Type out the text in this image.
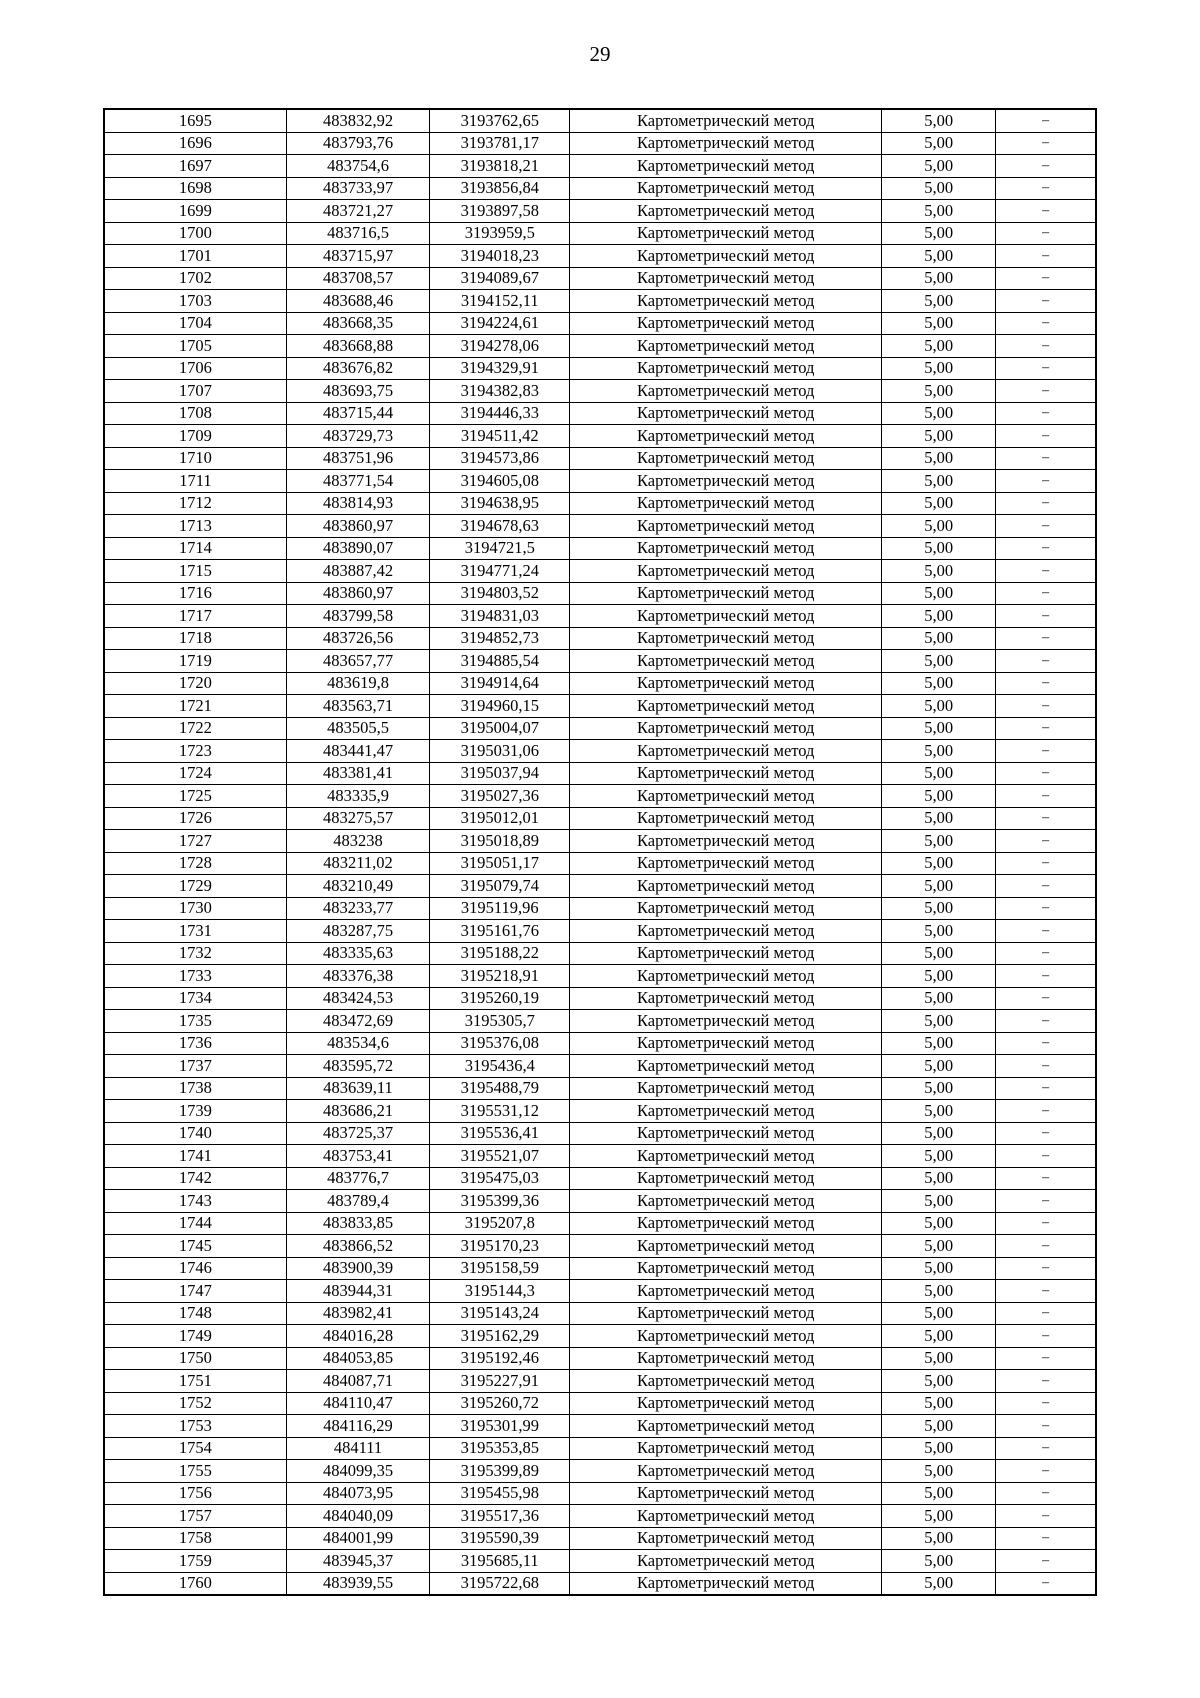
29
1695	483832,92	3193762,65	Картометрический метод	5,00	–
1696	483793,76	3193781,17	Картометрический метод	5,00	–
1697	483754,6	3193818,21	Картометрический метод	5,00	–
1698	483733,97	3193856,84	Картометрический метод	5,00	–
1699	483721,27	3193897,58	Картометрический метод	5,00	–
1700	483716,5	3193959,5	Картометрический метод	5,00	–
1701	483715,97	3194018,23	Картометрический метод	5,00	–
1702	483708,57	3194089,67	Картометрический метод	5,00	–
1703	483688,46	3194152,11	Картометрический метод	5,00	–
1704	483668,35	3194224,61	Картометрический метод	5,00	–
1705	483668,88	3194278,06	Картометрический метод	5,00	–
1706	483676,82	3194329,91	Картометрический метод	5,00	–
1707	483693,75	3194382,83	Картометрический метод	5,00	–
1708	483715,44	3194446,33	Картометрический метод	5,00	–
1709	483729,73	3194511,42	Картометрический метод	5,00	–
1710	483751,96	3194573,86	Картометрический метод	5,00	–
1711	483771,54	3194605,08	Картометрический метод	5,00	–
1712	483814,93	3194638,95	Картометрический метод	5,00	–
1713	483860,97	3194678,63	Картометрический метод	5,00	–
1714	483890,07	3194721,5	Картометрический метод	5,00	–
1715	483887,42	3194771,24	Картометрический метод	5,00	–
1716	483860,97	3194803,52	Картометрический метод	5,00	–
1717	483799,58	3194831,03	Картометрический метод	5,00	–
1718	483726,56	3194852,73	Картометрический метод	5,00	–
1719	483657,77	3194885,54	Картометрический метод	5,00	–
1720	483619,8	3194914,64	Картометрический метод	5,00	–
1721	483563,71	3194960,15	Картометрический метод	5,00	–
1722	483505,5	3195004,07	Картометрический метод	5,00	–
1723	483441,47	3195031,06	Картометрический метод	5,00	–
1724	483381,41	3195037,94	Картометрический метод	5,00	–
1725	483335,9	3195027,36	Картометрический метод	5,00	–
1726	483275,57	3195012,01	Картометрический метод	5,00	–
1727	483238	3195018,89	Картометрический метод	5,00	–
1728	483211,02	3195051,17	Картометрический метод	5,00	–
1729	483210,49	3195079,74	Картометрический метод	5,00	–
1730	483233,77	3195119,96	Картометрический метод	5,00	–
1731	483287,75	3195161,76	Картометрический метод	5,00	–
1732	483335,63	3195188,22	Картометрический метод	5,00	–
1733	483376,38	3195218,91	Картометрический метод	5,00	–
1734	483424,53	3195260,19	Картометрический метод	5,00	–
1735	483472,69	3195305,7	Картометрический метод	5,00	–
1736	483534,6	3195376,08	Картометрический метод	5,00	–
1737	483595,72	3195436,4	Картометрический метод	5,00	–
1738	483639,11	3195488,79	Картометрический метод	5,00	–
1739	483686,21	3195531,12	Картометрический метод	5,00	–
1740	483725,37	3195536,41	Картометрический метод	5,00	–
1741	483753,41	3195521,07	Картометрический метод	5,00	–
1742	483776,7	3195475,03	Картометрический метод	5,00	–
1743	483789,4	3195399,36	Картометрический метод	5,00	–
1744	483833,85	3195207,8	Картометрический метод	5,00	–
1745	483866,52	3195170,23	Картометрический метод	5,00	–
1746	483900,39	3195158,59	Картометрический метод	5,00	–
1747	483944,31	3195144,3	Картометрический метод	5,00	–
1748	483982,41	3195143,24	Картометрический метод	5,00	–
1749	484016,28	3195162,29	Картометрический метод	5,00	–
1750	484053,85	3195192,46	Картометрический метод	5,00	–
1751	484087,71	3195227,91	Картометрический метод	5,00	–
1752	484110,47	3195260,72	Картометрический метод	5,00	–
1753	484116,29	3195301,99	Картометрический метод	5,00	–
1754	484111	3195353,85	Картометрический метод	5,00	–
1755	484099,35	3195399,89	Картометрический метод	5,00	–
1756	484073,95	3195455,98	Картометрический метод	5,00	–
1757	484040,09	3195517,36	Картометрический метод	5,00	–
1758	484001,99	3195590,39	Картометрический метод	5,00	–
1759	483945,37	3195685,11	Картометрический метод	5,00	–
1760	483939,55	3195722,68	Картометрический метод	5,00	–
